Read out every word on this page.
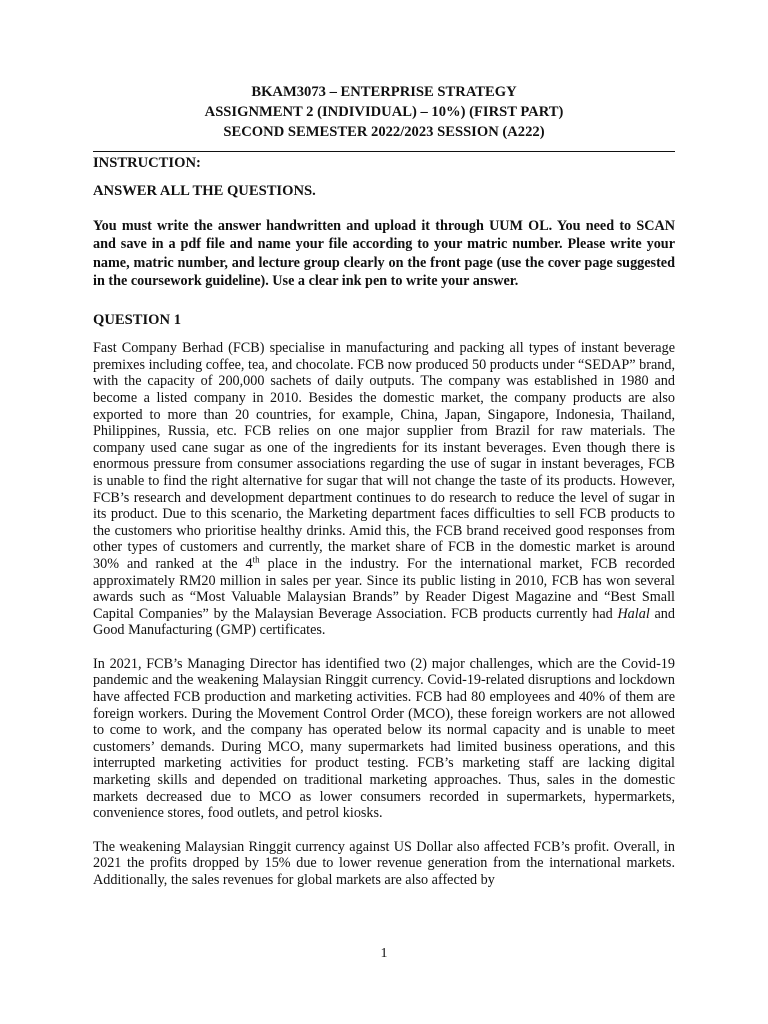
BKAM3073 – ENTERPRISE STRATEGY
ASSIGNMENT 2 (INDIVIDUAL) – 10%) (FIRST PART)
SECOND SEMESTER 2022/2023 SESSION (A222)
INSTRUCTION:
ANSWER ALL THE QUESTIONS.
You must write the answer handwritten and upload it through UUM OL. You need to SCAN and save in a pdf file and name your file according to your matric number. Please write your name, matric number, and lecture group clearly on the front page (use the cover page suggested in the coursework guideline). Use a clear ink pen to write your answer.
QUESTION 1
Fast Company Berhad (FCB) specialise in manufacturing and packing all types of instant beverage premixes including coffee, tea, and chocolate. FCB now produced 50 products under “SEDAP” brand, with the capacity of 200,000 sachets of daily outputs. The company was established in 1980 and become a listed company in 2010. Besides the domestic market, the company products are also exported to more than 20 countries, for example, China, Japan, Singapore, Indonesia, Thailand, Philippines, Russia, etc. FCB relies on one major supplier from Brazil for raw materials. The company used cane sugar as one of the ingredients for its instant beverages. Even though there is enormous pressure from consumer associations regarding the use of sugar in instant beverages, FCB is unable to find the right alternative for sugar that will not change the taste of its products. However, FCB’s research and development department continues to do research to reduce the level of sugar in its product. Due to this scenario, the Marketing department faces difficulties to sell FCB products to the customers who prioritise healthy drinks. Amid this, the FCB brand received good responses from other types of customers and currently, the market share of FCB in the domestic market is around 30% and ranked at the 4th place in the industry. For the international market, FCB recorded approximately RM20 million in sales per year. Since its public listing in 2010, FCB has won several awards such as “Most Valuable Malaysian Brands” by Reader Digest Magazine and “Best Small Capital Companies” by the Malaysian Beverage Association. FCB products currently had Halal and Good Manufacturing (GMP) certificates.
In 2021, FCB’s Managing Director has identified two (2) major challenges, which are the Covid-19 pandemic and the weakening Malaysian Ringgit currency. Covid-19-related disruptions and lockdown have affected FCB production and marketing activities. FCB had 80 employees and 40% of them are foreign workers. During the Movement Control Order (MCO), these foreign workers are not allowed to come to work, and the company has operated below its normal capacity and is unable to meet customers’ demands. During MCO, many supermarkets had limited business operations, and this interrupted marketing activities for product testing. FCB’s marketing staff are lacking digital marketing skills and depended on traditional marketing approaches. Thus, sales in the domestic markets decreased due to MCO as lower consumers recorded in supermarkets, hypermarkets, convenience stores, food outlets, and petrol kiosks.
The weakening Malaysian Ringgit currency against US Dollar also affected FCB’s profit. Overall, in 2021 the profits dropped by 15% due to lower revenue generation from the international markets. Additionally, the sales revenues for global markets are also affected by
1
